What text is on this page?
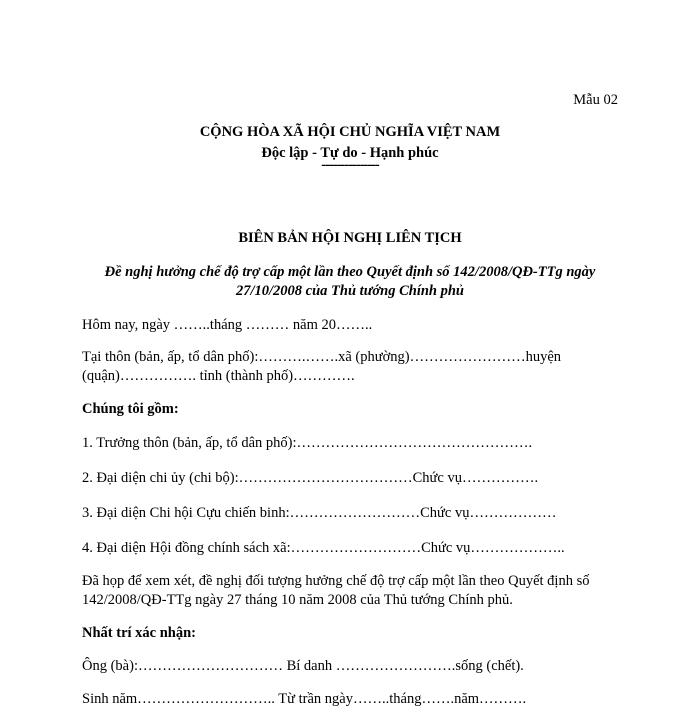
Mẫu 02

CỘNG HÒA XÃ HỘI CHỦ NGHĨA VIỆT NAM

Độc lập - Tự do - Hạnh phúc

---------------

BIÊN BẢN HỘI NGHỊ LIÊN TỊCH

Đề nghị hưởng chế độ trợ cấp một lần theo Quyết định số 142/2008/QĐ-TTg ngày

27/10/2008 của Thủ tướng Chính phủ

Hôm nay, ngày ……..tháng ……… năm 20……..

Tại thôn (bản, ấp, tổ dân phố):……….…….xã (phường)……………………huyện

(quận)……………. tỉnh (thành phố)………….

Chúng tôi gồm:

1. Trưởng thôn (bản, ấp, tổ dân phố):………………………………………….

2. Đại diện chi ủy (chi bộ):………………………………Chức vụ…………….

3. Đại diện Chi hội Cựu chiến binh:………………………Chức vụ………………

4. Đại diện Hội đồng chính sách xã:………………………Chức vụ………………..

Đã họp để xem xét, đề nghị đối tượng hưởng chế độ trợ cấp một lần theo Quyết định số

142/2008/QĐ-TTg ngày 27 tháng 10 năm 2008 của Thủ tướng Chính phủ.

Nhất trí xác nhận:

Ông (bà):………………………… Bí danh …………………….sống (chết).

Sinh năm……………………….. Từ trần ngày……..tháng…….năm……….
